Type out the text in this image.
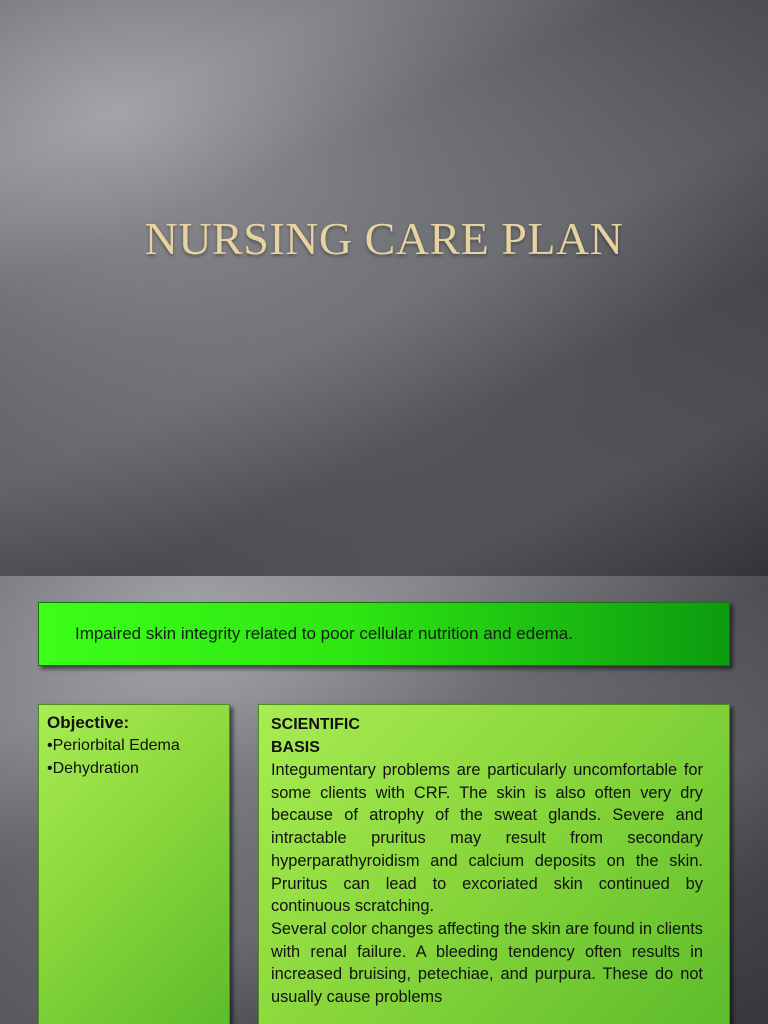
NURSING CARE PLAN
Impaired skin integrity related to poor cellular nutrition and edema.
Objective:
•Periorbital Edema
•Dehydration
SCIENTIFIC
BASIS

Integumentary problems are particularly uncomfortable for some clients with CRF. The skin is also often very dry because of atrophy of the sweat glands. Severe and intractable pruritus may result from secondary hyperparathyroidism and calcium deposits on the skin. Pruritus can lead to excoriated skin continued by continuous scratching.

Several color changes affecting the skin are found in clients with renal failure. A bleeding tendency often results in increased bruising, petechiae, and purpura. These do not usually cause problems
